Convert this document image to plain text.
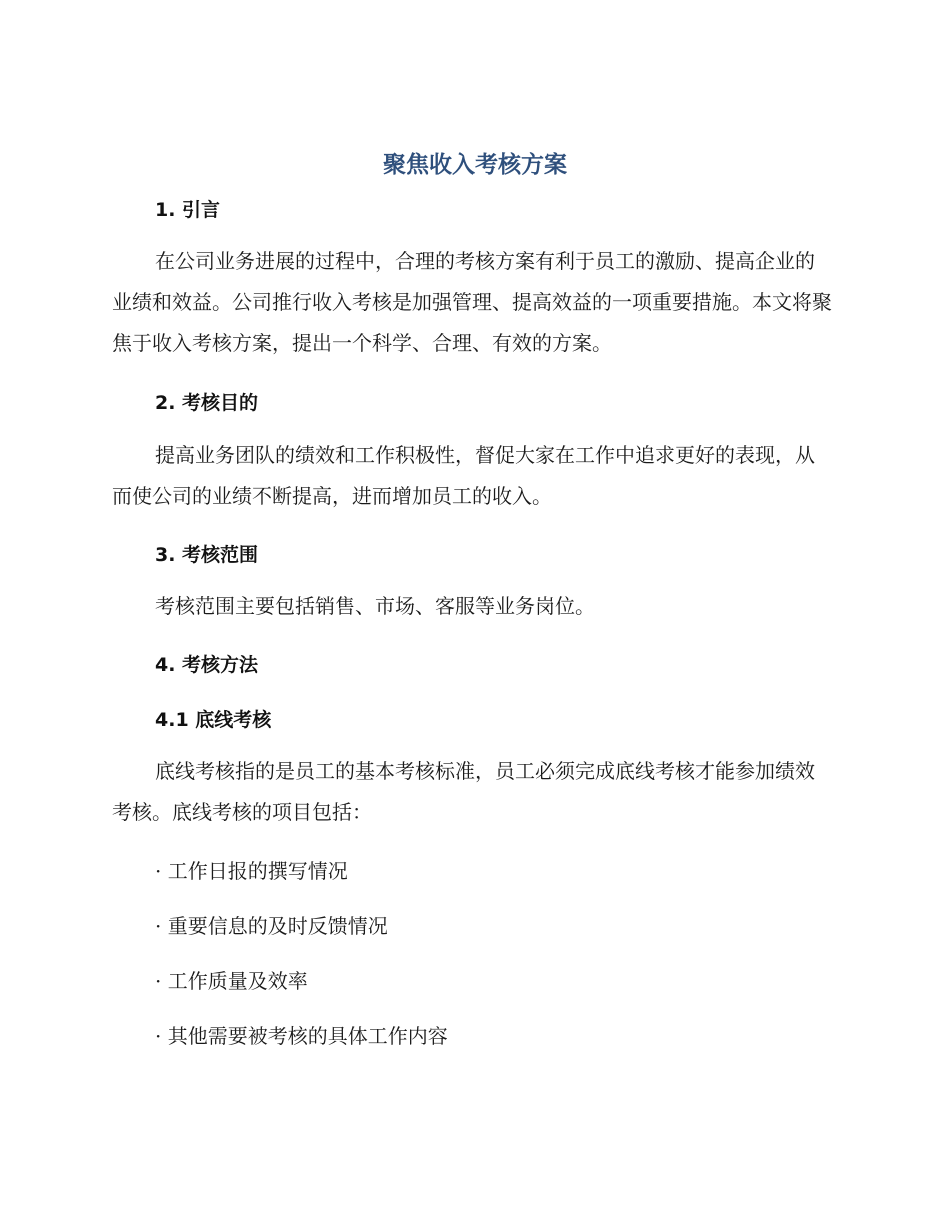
聚焦收入考核方案
1. 引言

在公司业务进展的过程中，合理的考核方案有利于员工的激励、提高企业的业绩和效益。公司推行收入考核是加强管理、提高效益的一项重要措施。本文将聚焦于收入考核方案，提出一个科学、合理、有效的方案。

2. 考核目的

提高业务团队的绩效和工作积极性，督促大家在工作中追求更好的表现，从而使公司的业绩不断提高，进而增加员工的收入。

3. 考核范围

考核范围主要包括销售、市场、客服等业务岗位。

4. 考核方法
4.1 底线考核

底线考核指的是员工的基本考核标准，员工必须完成底线考核才能参加绩效考核。底线考核的项目包括：

· 工作日报的撰写情况

· 重要信息的及时反馈情况

· 工作质量及效率

· 其他需要被考核的具体工作内容
